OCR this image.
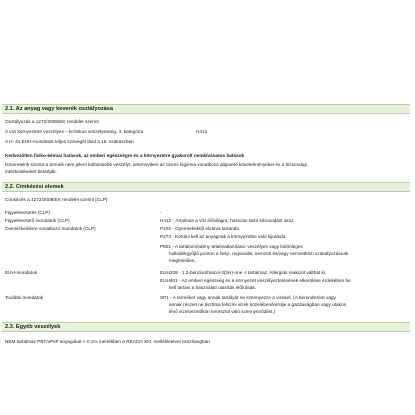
2.1. Az anyag vagy keverék osztályozása
Osztályozás a 1272/2008/EK rendelet szerint
A vízi környezetre veszélyes – krónikus veszélyesség, 3. kategória	H412
A H- és EUH-mondatok teljes szövegét lásd a 16. szakaszban
Kedvezőtlen fiziko-kémiai hatások, az emberi egészségre és a környezetre gyakorolt nemkívánatos hatások
Ismereteink szerint a termék nem jelent különösebb veszélyt, amennyiben az üzemi higiénia vonatkozó alapvető követelményeket és a biztonsági
intézkedéseket betartják.
2.2. Címkézési elemek
Címkézés a 1272/2008/EK rendelet szerint [CLP]
Figyelmeztetés (CLP)	-
Figyelmeztető mondatok (CLP)	H412 - Ártalmas a vízi élővilágra, hosszan tartó károsodást okoz.
Óvintézkedésre vonatkozó mondatok (CLP)	P102 - Gyermekektől elzárva tartandó.
P273 - Kerülni kell az anyagnak a környezetbe való kijutását.
P501 - A tartalom/edény ártalmatlanítása: veszélyes vagy különleges
hulladékgyűjtő ponton a helyi, regionális, nemzeti és/vagy nemzetközi szabályozásnak
megfelelően.
EUH-mondatok	EUH208 - 1,2-benzisothiazol-3(2H)-one -t tartalmaz. Allergiás reakciót válthat ki.
EUH401 - Az emberi egészség és a környezet veszélyeztetésének elkerülése érdekében be
kell tartani a használati utasítás előírásait.
További mondatok	SP1 - A terméket vagy annak tartályát ne szennyezze a vizekel. (A berendezést vagy
annak részeit ne tisztítsa felszíni vizek közelében/kerülje a gazdaságban vagy utakon
lévő vízelvezetőkön keresztül való szennyeződést.)
2.3. Egyéb veszélyek
NEM tartalmaz PBT/vPvP anyagokat > 0,1% mértékben a REACH XIII. mellékletével összhangban
